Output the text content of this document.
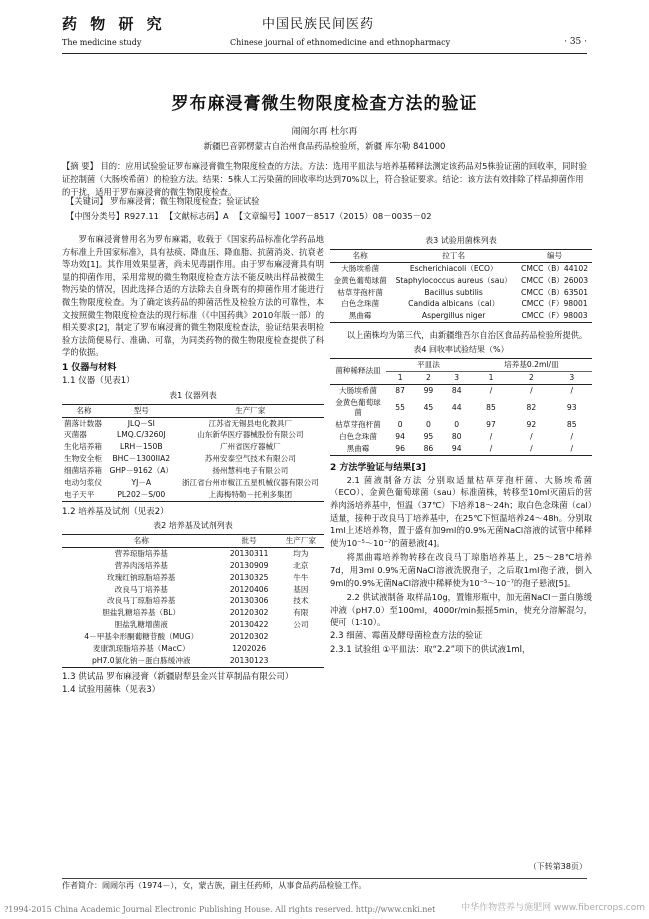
药 物 研 究	中国民族民间医药
The medicine study	Chinese journal of ethnomedicine and ethnopharmacy	· 35 ·
罗布麻浸膏微生物限度检查方法的验证
闹闹尔再 杜尔再
新疆巴音郭楞蒙古自治州食品药品检验所，新疆 库尔勒 841000
【摘 要】 目的：应用试验验证罗布麻浸膏微生物限度检查的方法。方法：选用平皿法与培养基稀释法测定该药品对5株验证菌的回收率，同时验证控制菌（大肠埃希菌）的检验方法。结果：5株人工污染菌的回收率均达到70%以上，符合验证要求。结论：该方法有效排除了样品抑菌作用的干扰，适用于罗布麻浸膏的微生物限度检查。
【关键词】 罗布麻浸膏；微生物限度检查；验证试验
【中图分类号】R927.11 【文献标志码】A 【文章编号】1007－8517（2015）08－0035－02

罗布麻浸膏曾用名为罗布麻霜，收载于《国家药品标准化学药品地方标准上升国家标准》，具有祛痰、降血压、降血脂、抗菌消炎、抗衰老等功效[1]。其作用效果显著，尚未见毒副作用。由于罗布麻浸膏具有明显的抑菌作用，采用常规的微生物限度检查方法不能反映出样品被微生物污染的情况，因此选择合适的方法除去自身既有的抑菌作用才能进行微生物限度检查。为了确定该药品的抑菌活性及检验方法的可靠性，本文按照微生物限度检查法的现行标准（《中国药典》2010年版一部）的相关要求[2]，制定了罗布麻浸膏的微生物限度检查法，验证结果表明检验方法简便易行、准确、可靠，为同类药物的微生物限度检查提供了科学的依据。

1 仪器与材料
1.1 仪器（见表1）
表1 仪器列表
名称	型号	生产厂家
菌落计数器	JLQ－SI	江苏省无锡县电化教具厂
灭菌器	LMQ.C/3260J	山东新华医疗器械股份有限公司
生化培养箱	LRH－150B	广州省医疗器械厂
生物安全柜	BHC－1300IIA2	苏州安泰空气技术有限公司
细菌培养箱	GHP－9162（A）	扬州慧科电子有限公司
电动匀浆仪	YJ－A	浙江省台州市椒江五星机械仪器有限公司
电子天平	PL202－S/00	上海梅特勒－托利多集团
1.2 培养基及试剂（见表2）
表2 培养基及试剂列表
名称	批号	生产厂家
营养琼脂培养基	20130311	均为
营养肉汤培养基	20130909	北京
玫瑰红钠琼脂培养基	20130325	牛牛
改良马丁培养基	20120406	基因
改良马丁琼脂培养基	20130306	技术
胆盐乳糖培养基（BL）	20120302	有限
胆盐乳糖增菌液	20130422	公司
4－甲基伞形酮葡糖苷酸（MUG）	20120302	
麦康凯琼脂培养基（MacC）	1202026	
pH7.0氯化钠－蛋白胨缓冲液	20130123	
1.3 供试品 罗布麻浸膏（新疆尉犁县金兴甘草制品有限公司）
1.4 试验用菌株（见表3）
表3 试验用菌株列表
名称	拉丁名	编号
大肠埃希菌	Escherichiacoli（ECO）	CMCC（B）44102
金黄色葡萄球菌	Staphylococcus aureus（sau）	CMCC（B）26003
枯草芽孢杆菌	Bacillus subtilis	CMCC（B）63501
白色念珠菌	Candida albicans（cal）	CMCC（F）98001
黑曲霉	Aspergillus niger	CMCC（F）98003

以上菌株均为第三代，由新疆维吾尔自治区食品药品检验所提供。

表4 回收率试验结果（%）
菌种稀释法皿	平皿法			培养基0.2ml/皿		
	1	2	3	1	2	3
大肠埃希菌	87	99	84	/	/	/
金黄色葡萄球菌	55	45	44	85	82	93
枯草芽孢杆菌	0	0	0	97	92	85
白色念珠菌	94	95	80	/	/	/
黑曲霉	96	86	94	/	/	/
2 方法学验证与结果[3]

2.1 菌液制备方法 分别取适量枯草芽孢杆菌、大肠埃希菌（ECO）、金黄色葡萄球菌（sau）标准菌株，转移至10ml灭菌后的营养肉汤培养基中，恒温（37℃）下培养18～24h；取白色念珠菌（cal）适量，接种于改良马丁培养基中，在25℃下恒温培养24～48h。分别取1ml上述培养物，置于盛有加9ml的0.9%无菌NaCl溶液的试管中稀释使为10⁻⁵～10⁻⁷的菌悬液[4]。

将黑曲霉培养物转移在改良马丁琼脂培养基上，25～28℃培养7d，用3ml 0.9%无菌NaCl溶液洗脱孢子，之后取1ml孢子液，倒入9ml的0.9%无菌NaCl溶液中稀释使为10⁻⁵～10⁻⁷的孢子悬液[5]。

2.2 供试液制备 取样品10g，置锥形瓶中，加无菌NaCl－蛋白胨缓冲液（pH7.0）至100ml，4000r/min振摇5min，使充分溶解混匀，便可（1∶10）。

2.3 细菌、霉菌及酵母菌检查方法的验证
2.3.1 试验组 ①平皿法：取“2.2”项下的供试液1ml，
（下转第38页）
作者简介：闹闹尔再（1974－），女，蒙古族，副主任药师，从事食品药品检验工作。
?1994-2015 China Academic Journal Electronic Publishing House. All rights reserved. http://www.cnki.net	中华作物营养与施肥网 www.fibercrops.com
